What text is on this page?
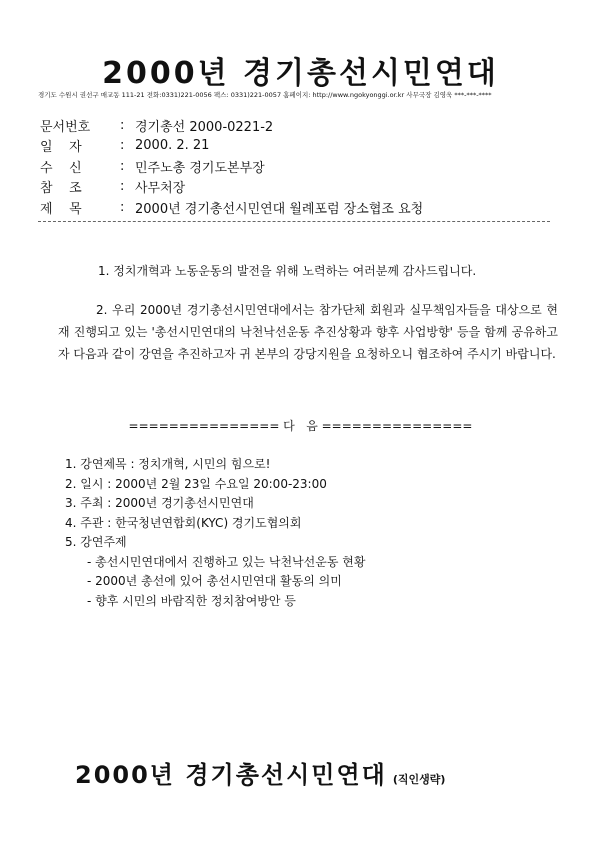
2000년 경기총선시민연대
경기도 수원시 권선구 매교동 111-21 전화:0331)221-0056 팩스: 0331)221-0057 홈페이지: http://www.ngokyonggi.or.kr 사무국장 김영욱 ***-***-****
문서번호	: 경기총선 2000-0221-2
일    자	: 2000. 2. 21
수    신	: 민주노총 경기도본부장
참    조	: 사무처장
제    목	: 2000년 경기총선시민연대 월례포럼 장소협조 요청
1. 정치개혁과 노동운동의 발전을 위해 노력하는 여러분께 감사드립니다.
2. 우리 2000년 경기총선시민연대에서는 참가단체 회원과 실무책임자들을 대상으로 현재 진행되고 있는 '총선시민연대의 낙천낙선운동 추진상황과 향후 사업방향' 등을 함께 공유하고자 다음과 같이 강연을 추진하고자 귀 본부의 강당지원을 요청하오니 협조하여 주시기 바랍니다.
=============== 다   음 ===============
1. 강연제목 : 정치개혁, 시민의 힘으로!
2. 일시 : 2000년 2월 23일 수요일 20:00-23:00
3. 주최 : 2000년 경기총선시민연대
4. 주관 : 한국청년연합회(KYC) 경기도협의회
5. 강연주제
- 총선시민연대에서 진행하고 있는 낙천낙선운동 현황
- 2000년 총선에 있어 총선시민연대 활동의 의미
- 향후 시민의 바람직한 정치참여방안 등
2000년 경기총선시민연대 (직인생략)
